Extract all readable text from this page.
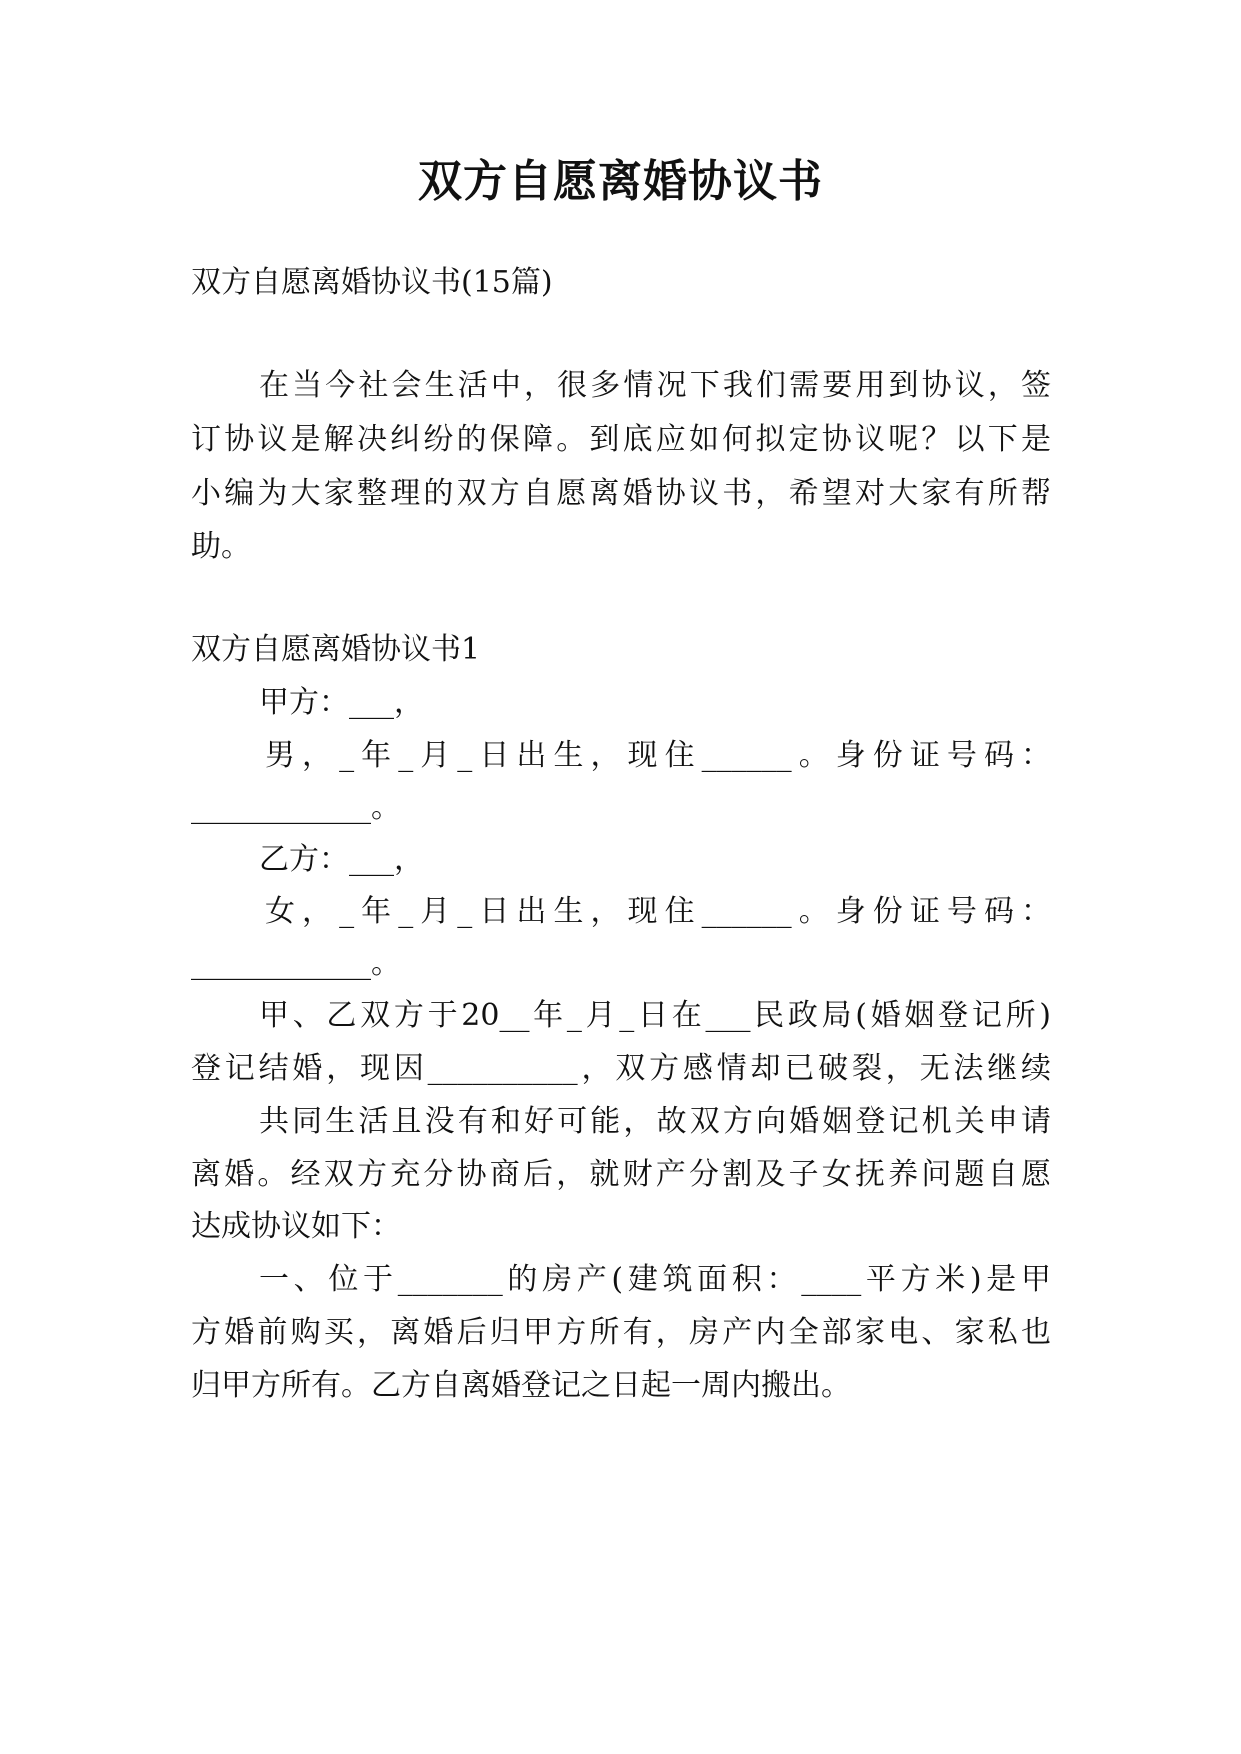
双方自愿离婚协议书

双方自愿离婚协议书(15篇)

在当今社会生活中，很多情况下我们需要用到协议，签

订协议是解决纠纷的保障。到底应如何拟定协议呢？以下是

小编为大家整理的双方自愿离婚协议书，希望对大家有所帮

助。

双方自愿离婚协议书1

甲方：___，

男，_年_月_日出生，现住______。身份证号码：

____________。

乙方：___，

女，_年_月_日出生，现住______。身份证号码：

____________。

甲、乙双方于20__年_月_日在___民政局(婚姻登记所)

登记结婚，现因__________，双方感情却已破裂，无法继续

共同生活且没有和好可能，故双方向婚姻登记机关申请

离婚。经双方充分协商后，就财产分割及子女抚养问题自愿

达成协议如下：

一、位于_______的房产(建筑面积：____平方米)是甲

方婚前购买，离婚后归甲方所有，房产内全部家电、家私也

归甲方所有。乙方自离婚登记之日起一周内搬出。
